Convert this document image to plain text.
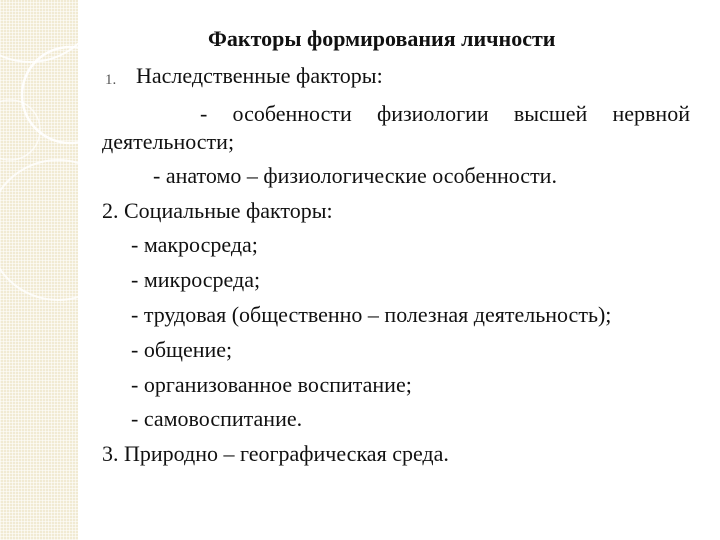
Факторы формирования личности
1. Наследственные факторы:
- особенности физиологии высшей нервной
деятельности;
- анатомо – физиологические особенности.
2. Социальные факторы:
- макросреда;
- микросреда;
- трудовая (общественно – полезная деятельность);
- общение;
- организованное воспитание;
- самовоспитание.
3. Природно – географическая среда.
